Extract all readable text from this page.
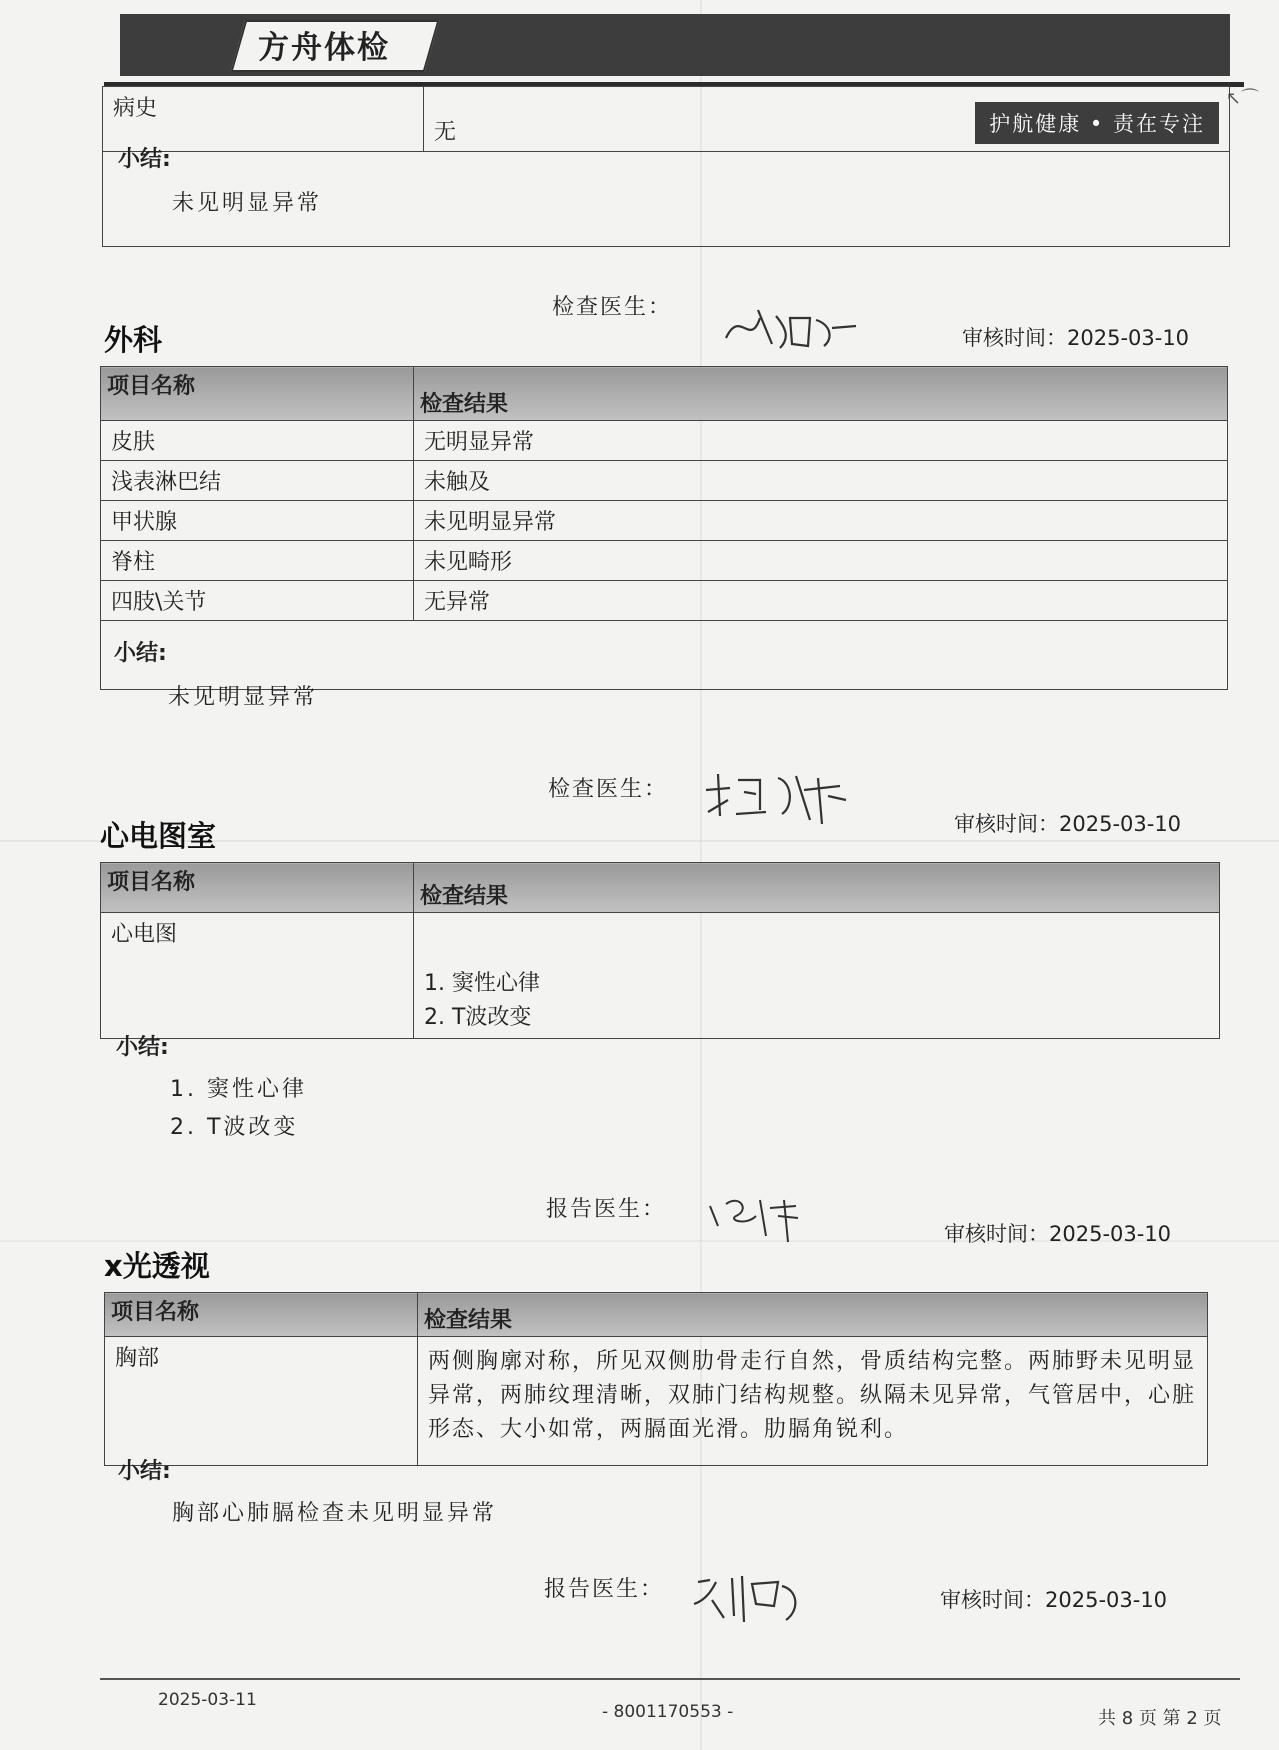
方舟体检
护航健康 • 责在专注
↖⌒
病史	无

小结:
未见明显异常
检查医生：
审核时间：2025-03-10
外科
项目名称	检查结果
皮肤	无明显异常
浅表淋巴结	未触及
甲状腺	未见明显异常
脊柱	未见畸形
四肢\关节	无异常

小结:
未见明显异常
检查医生：
审核时间：2025-03-10
心电图室
项目名称	检查结果
心电图	1. 窦性心律
2. T波改变
小结:
1. 窦性心律
2. T波改变
报告医生：
审核时间：2025-03-10
x光透视
项目名称	检查结果
胸部	两侧胸廓对称，所见双侧肋骨走行自然，骨质结构完整。两肺野未见明显异常，两肺纹理清晰，双肺门结构规整。纵隔未见异常，气管居中，心脏形态、大小如常，两膈面光滑。肋膈角锐利。
小结:
胸部心肺膈检查未见明显异常
报告医生：	审核时间：2025-03-10
2025-03-11
- 8001170553 -	共 8 页 第 2 页
